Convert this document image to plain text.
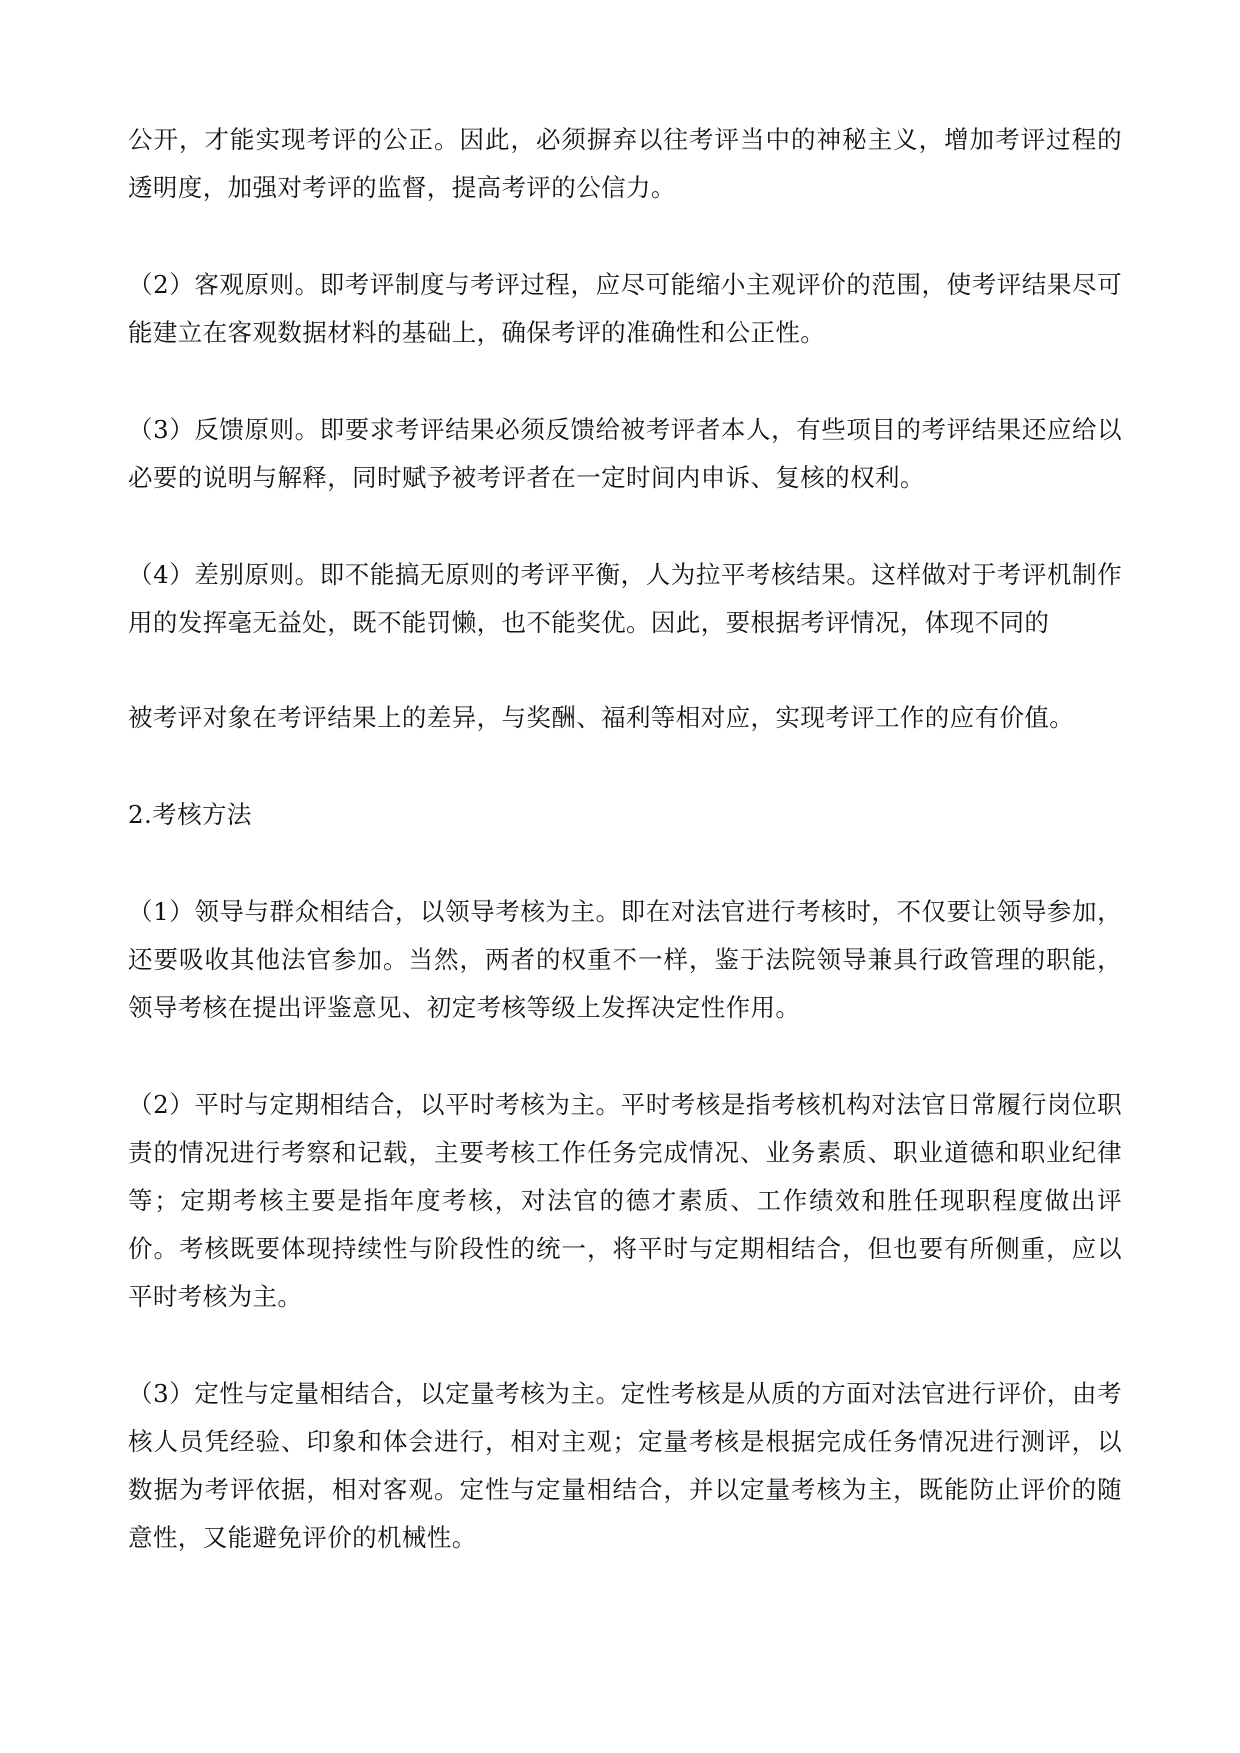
公开，才能实现考评的公正。因此，必须摒弃以往考评当中的神秘主义，增加考评过程的透明度，加强对考评的监督，提高考评的公信力。

（2）客观原则。即考评制度与考评过程，应尽可能缩小主观评价的范围，使考评结果尽可能建立在客观数据材料的基础上，确保考评的准确性和公正性。

（3）反馈原则。即要求考评结果必须反馈给被考评者本人，有些项目的考评结果还应给以必要的说明与解释，同时赋予被考评者在一定时间内申诉、复核的权利。

（4）差别原则。即不能搞无原则的考评平衡，人为拉平考核结果。这样做对于考评机制作用的发挥毫无益处，既不能罚懒，也不能奖优。因此，要根据考评情况，体现不同的

被考评对象在考评结果上的差异，与奖酬、福利等相对应，实现考评工作的应有价值。

2.考核方法

（1）领导与群众相结合，以领导考核为主。即在对法官进行考核时，不仅要让领导参加，还要吸收其他法官参加。当然，两者的权重不一样，鉴于法院领导兼具行政管理的职能，领导考核在提出评鉴意见、初定考核等级上发挥决定性作用。

（2）平时与定期相结合，以平时考核为主。平时考核是指考核机构对法官日常履行岗位职责的情况进行考察和记载，主要考核工作任务完成情况、业务素质、职业道德和职业纪律等；定期考核主要是指年度考核，对法官的德才素质、工作绩效和胜任现职程度做出评价。考核既要体现持续性与阶段性的统一，将平时与定期相结合，但也要有所侧重，应以平时考核为主。

（3）定性与定量相结合，以定量考核为主。定性考核是从质的方面对法官进行评价，由考核人员凭经验、印象和体会进行，相对主观；定量考核是根据完成任务情况进行测评，以数据为考评依据，相对客观。定性与定量相结合，并以定量考核为主，既能防止评价的随意性，又能避免评价的机械性。
